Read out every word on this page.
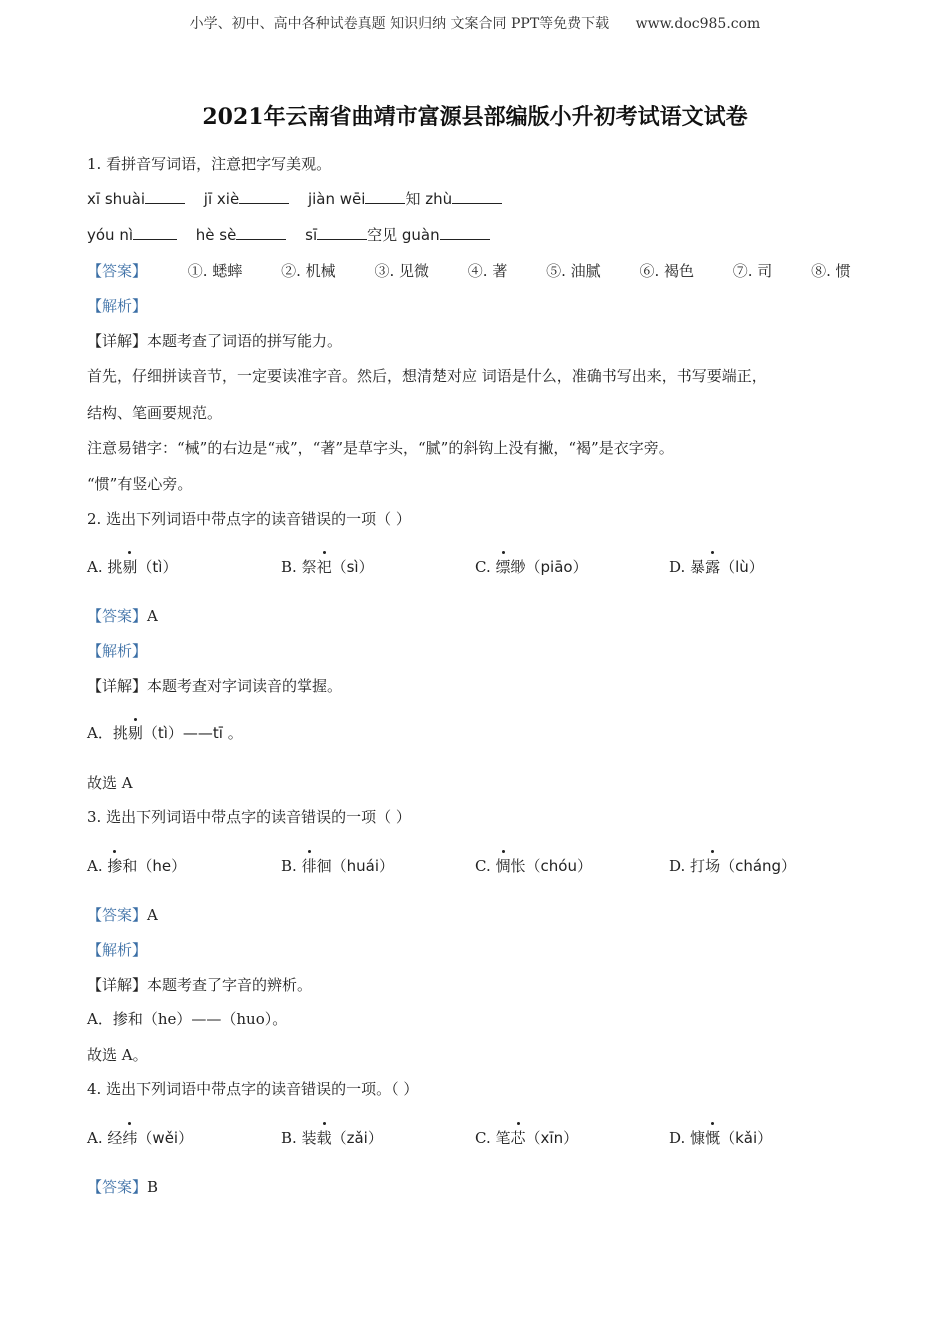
小学、初中、高中各种试卷真题 知识归纳 文案合同 PPT等免费下载 www.doc985.com
2021年云南省曲靖市富源县部编版小升初考试语文试卷
1. 看拼音写词语，注意把字写美观。
xī shuài	jī xiè	jiàn wēi	知 zhù
yóu nì	hè sè	sī	空见 guàn
【答案】	①. 蟋蟀	②. 机械	③. 见微	④. 著	⑤. 油腻	⑥. 褐色	⑦. 司	⑧. 惯
【解析】
【详解】本题考查了词语的拼写能力。
首先，仔细拼读音节，一定要读准字音。然后，想清楚对应 词语是什么，准确书写出来，书写要端正，
结构、笔画要规范。
注意易错字：“械”的右边是“戒”，“著”是草字头，“腻”的斜钩上没有撇，“褐”是衣字旁。
“惯”有竖心旁。
2. 选出下列词语中带点字的读音错误的一项（ ）
A. 挑剔（tì）	B. 祭祀（sì）	C. 缥缈（piāo）	D. 暴露（lù）
【答案】A
【解析】
【详解】本题考查对字词读音的掌握。
A．挑剔（tì）——tī 。
故选 A
3. 选出下列词语中带点字的读音错误的一项（ ）
A. 掺和（he）	B. 徘徊（huái）	C. 惆怅（chóu）	D. 打场（cháng）
【答案】A
【解析】
【详解】本题考查了字音的辨析。
A．掺和（he）——（huo）。
故选 A。
4. 选出下列词语中带点字的读音错误的一项。（ ）
A. 经纬（wěi）	B. 装载（zǎi）	C. 笔芯（xīn）	D. 慷慨（kǎi）
【答案】B
